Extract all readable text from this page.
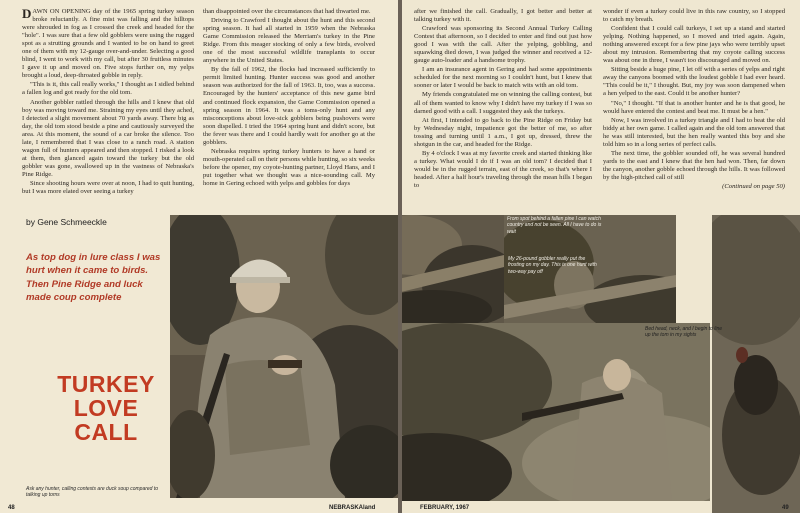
DAWN ON OPENING day of the 1965 spring turkey season broke reluctantly. A fine mist was falling and the hilltops were shrouded in fog as I crossed the creek and headed for the "hole". I was sure that a few old gobblers were using the rugged spot as a strutting grounds and I wanted to be on hand to greet one of them with my 12-gauge over-and-under. Selecting a good blind, I went to work with my call, but after 30 fruitless minutes I gave it up and moved on. Five stops further on, my yelps brought a loud, deep-throated gobble in reply.

"This is it, this call really works," I thought as I sidled behind a fallen log and got ready for the old tom.

Another gobbler rattled through the hills and I knew that old boy was moving toward me. Straining my eyes until they ached, I detected a slight movement about 70 yards away. There big as day, the old tom stood beside a pine and cautiously surveyed the area. At this moment, the sound of a car broke the silence. Too late, I remembered that I was close to a ranch road. A station wagon full of hunters appeared and then stopped. I risked a look at them, then glanced again toward the turkey but the old gobbler was gone, swallowed up in the vastness of Nebraska's Pine Ridge.

Since shooting hours were over at noon, I had to quit hunting, but I was more elated over seeing a turkey

than disappointed over the circumstances that had thwarted me.

Driving to Crawford I thought about the hunt and this second spring season. It had all started in 1959 when the Nebraska Game Commission released the Merriam's turkey in the Pine Ridge. From this meager stocking of only a few birds, evolved one of the most successful wildlife transplants to occur anywhere in the United States.

By the fall of 1962, the flocks had increased sufficiently to permit limited hunting. Hunter success was good and another season was authorized for the fall of 1963. It, too, was a success. Encouraged by the hunters' acceptance of this new game bird and continued flock expansion, the Game Commission opened a spring season in 1964. It was a toms-only hunt and any misconceptions about love-sick gobblers being pushovers were soon dispelled. I tried the 1964 spring hunt and didn't score, but the fever was there and I could hardly wait for another go at the gobblers.

Nebraska requires spring turkey hunters to have a hand or mouth-operated call on their persons while hunting, so six weeks before the opener, my coyote-hunting partner, Lloyd Hans, and I put together what we thought was a nice-sounding call. My home in Gering echoed with yelps and gobbles for days

by Gene Schmeeckle
As top dog in lure class I was hurt when it came to birds. Then Pine Ridge and luck made coup complete
TURKEY
LOVE CALL
Ask any hunter, calling contests are duck soup compared to talking up toms
48	NEBRASKAland

after we finished the call. Gradually, I got better and better at talking turkey with it.

Crawford was sponsoring its Second Annual Turkey Calling Contest that afternoon, so I decided to enter and find out just how good I was with the call. After the yelping, gobbling, and squawking died down, I was judged the winner and received a 12-gauge auto-loader and a handsome trophy.

I am an insurance agent in Gering and had some appointments scheduled for the next morning so I couldn't hunt, but I knew that sooner or later I would be back to match wits with an old tom.

My friends congratulated me on winning the calling contest, but all of them wanted to know why I didn't have my turkey if I was so darned good with a call. I suggested they ask the turkeys.

At first, I intended to go back to the Pine Ridge on Friday but by Wednesday night, impatience got the better of me, so after tossing and turning until 1 a.m., I got up, dressed, threw the shotgun in the car, and headed for the Ridge.

By 4 o'clock I was at my favorite creek and started thinking like a turkey. What would I do if I was an old tom? I decided that I would be in the rugged terrain, east of the creek, so that's where I headed. After a half hour's traveling through the mean hills I began to

wonder if even a turkey could live in this raw country, so I stopped to catch my breath.

Confident that I could call turkeys, I set up a stand and started yelping. Nothing happened, so I moved and tried again. Again, nothing answered except for a few pine jays who were terribly upset about my intrusion. Remembering that my coyote calling success was about one in three, I wasn't too discouraged and moved on.

Sitting beside a huge pine, I let off with a series of yelps and right away the canyons boomed with the loudest gobble I had ever heard. "This could be it," I thought. But, my joy was soon dampened when a hen yelped to the east. Could it be another hunter?

"No," I thought. "If that is another hunter and he is that good, he would have entered the contest and beat me. It must be a hen."

Now, I was involved in a turkey triangle and I had to beat the old biddy at her own game. I called again and the old tom answered that he was still interested, but the hen really wanted this boy and she told him so in a long series of perfect calls.

The next time, the gobbler sounded off, he was several hundred yards to the east and I knew that the hen had won. Then, far down the canyon, another gobble echoed through the hills. It was followed by the high-pitched call of still

(Continued on page 50)

From spot behind a fallen pine I can watch country and not be seen. All I have to do is wait
My 26-pound gobbler really put the frosting on my day. This is one hunt with two-way pay off
Bed head, neck, and I begin to line up the tom in my sights
FEBRUARY, 1967	49
